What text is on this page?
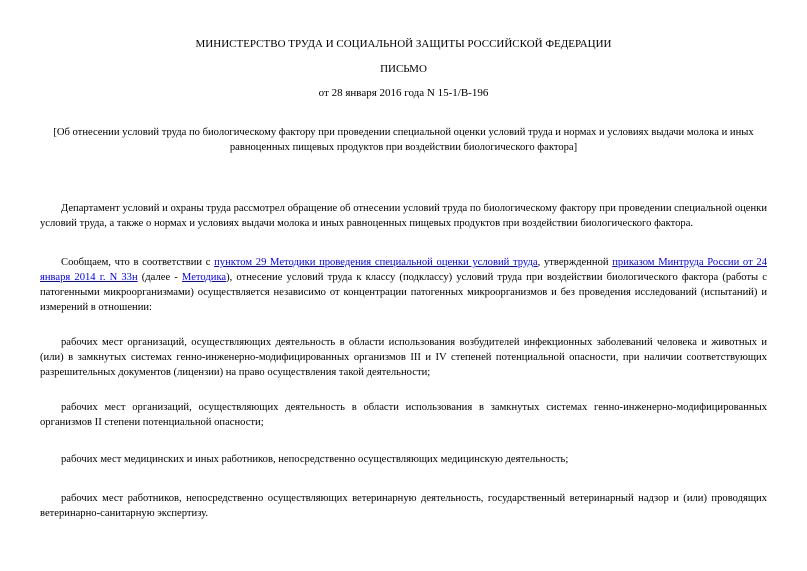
МИНИСТЕРСТВО ТРУДА И СОЦИАЛЬНОЙ ЗАЩИТЫ РОССИЙСКОЙ ФЕДЕРАЦИИ
ПИСЬМО
от 28 января 2016 года N 15-1/В-196
[Об отнесении условий труда по биологическому фактору при проведении специальной оценки условий труда и нормах и условиях выдачи молока и иных равноценных пищевых продуктов при воздействии биологического фактора]
Департамент условий и охраны труда рассмотрел обращение об отнесении условий труда по биологическому фактору при проведении специальной оценки условий труда, а также о нормах и условиях выдачи молока и иных равноценных пищевых продуктов при воздействии биологического фактора.
Сообщаем, что в соответствии с пунктом 29 Методики проведения специальной оценки условий труда, утвержденной приказом Минтруда России от 24 января 2014 г. N 33н (далее - Методика), отнесение условий труда к классу (подклассу) условий труда при воздействии биологического фактора (работы с патогенными микроорганизмами) осуществляется независимо от концентрации патогенных микроорганизмов и без проведения исследований (испытаний) и измерений в отношении:
рабочих мест организаций, осуществляющих деятельность в области использования возбудителей инфекционных заболеваний человека и животных и (или) в замкнутых системах генно-инженерно-модифицированных организмов III и IV степеней потенциальной опасности, при наличии соответствующих разрешительных документов (лицензии) на право осуществления такой деятельности;
рабочих мест организаций, осуществляющих деятельность в области использования в замкнутых системах генно-инженерно-модифицированных организмов II степени потенциальной опасности;
рабочих мест медицинских и иных работников, непосредственно осуществляющих медицинскую деятельность;
рабочих мест работников, непосредственно осуществляющих ветеринарную деятельность, государственный ветеринарный надзор и (или) проводящих ветеринарно-санитарную экспертизу.
